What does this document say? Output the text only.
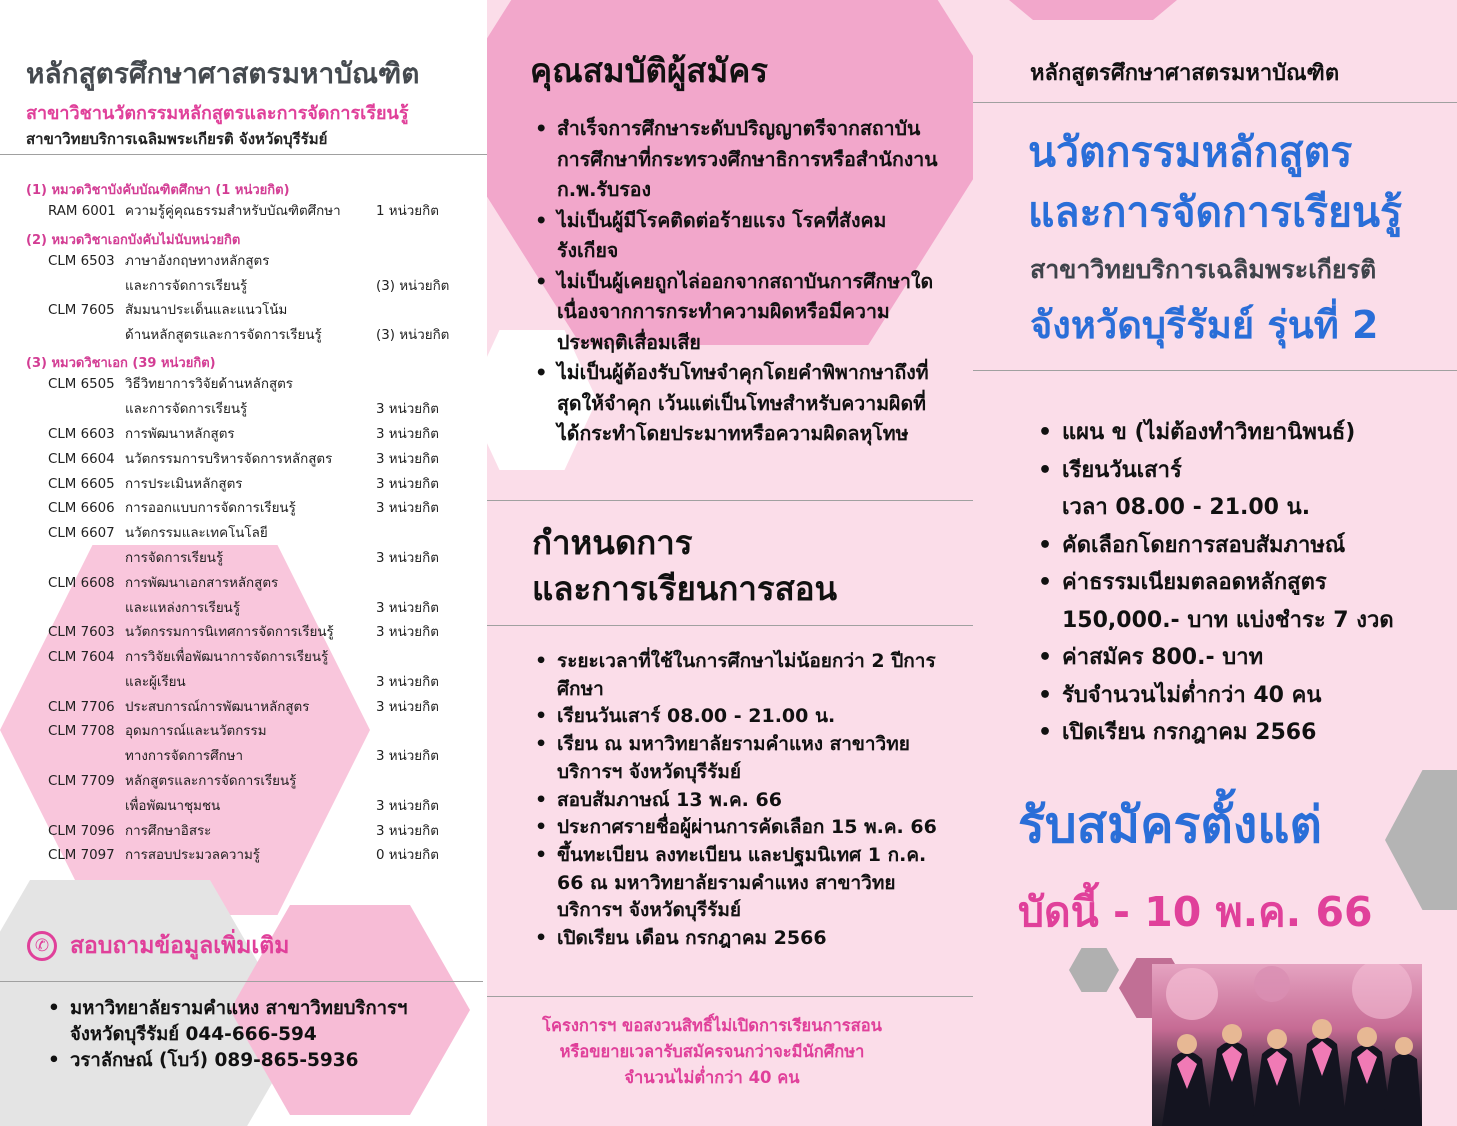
หลักสูตรศึกษาศาสตรมหาบัณฑิต
สาขาวิชานวัตกรรมหลักสูตรและการจัดการเรียนรู้
สาขาวิทยบริการเฉลิมพระเกียรติ จังหวัดบุรีรัมย์
(1) หมวดวิชาบังคับบัณฑิตศึกษา (1 หน่วยกิต)
RAM 6001 ความรู้คู่คุณธรรมสำหรับบัณฑิตศึกษา	1 หน่วยกิต
(2) หมวดวิชาเอกบังคับไม่นับหน่วยกิต
CLM 6503 ภาษาอังกฤษทางหลักสูตร
และการจัดการเรียนรู้	(3) หน่วยกิต
CLM 7605 สัมมนาประเด็นและแนวโน้ม
ด้านหลักสูตรและการจัดการเรียนรู้	(3) หน่วยกิต
(3) หมวดวิชาเอก (39 หน่วยกิต)
CLM 6505 วิธีวิทยาการวิจัยด้านหลักสูตร
และการจัดการเรียนรู้	3 หน่วยกิต
CLM 6603 การพัฒนาหลักสูตร	3 หน่วยกิต
CLM 6604 นวัตกรรมการบริหารจัดการหลักสูตร	3 หน่วยกิต
CLM 6605 การประเมินหลักสูตร	3 หน่วยกิต
CLM 6606 การออกแบบการจัดการเรียนรู้	3 หน่วยกิต
CLM 6607 นวัตกรรมและเทคโนโลยี
การจัดการเรียนรู้	3 หน่วยกิต
CLM 6608 การพัฒนาเอกสารหลักสูตร
และแหล่งการเรียนรู้	3 หน่วยกิต
CLM 7603 นวัตกรรมการนิเทศการจัดการเรียนรู้	3 หน่วยกิต
CLM 7604 การวิจัยเพื่อพัฒนาการจัดการเรียนรู้
และผู้เรียน	3 หน่วยกิต
CLM 7706 ประสบการณ์การพัฒนาหลักสูตร	3 หน่วยกิต
CLM 7708 อุดมการณ์และนวัตกรรม
ทางการจัดการศึกษา	3 หน่วยกิต
CLM 7709 หลักสูตรและการจัดการเรียนรู้
เพื่อพัฒนาชุมชน	3 หน่วยกิต
CLM 7096 การศึกษาอิสระ	3 หน่วยกิต
CLM 7097 การสอบประมวลความรู้	0 หน่วยกิต
✆ สอบถามข้อมูลเพิ่มเติม
• มหาวิทยาลัยรามคำแหง สาขาวิทยบริการฯ จังหวัดบุรีรัมย์ 044-666-594
• วราลักษณ์ (โบว์) 089-865-5936
คุณสมบัติผู้สมัคร
• สำเร็จการศึกษาระดับปริญญาตรีจากสถาบันการศึกษาที่กระทรวงศึกษาธิการหรือสำนักงาน ก.พ.รับรอง
• ไม่เป็นผู้มีโรคติดต่อร้ายแรง โรคที่สังคมรังเกียจ
• ไม่เป็นผู้เคยถูกไล่ออกจากสถาบันการศึกษาใดเนื่องจากการกระทำความผิดหรือมีความประพฤติเสื่อมเสีย
• ไม่เป็นผู้ต้องรับโทษจำคุกโดยคำพิพากษาถึงที่สุดให้จำคุก เว้นแต่เป็นโทษสำหรับความผิดที่ได้กระทำโดยประมาทหรือความผิดลหุโทษ
กำหนดการ
และการเรียนการสอน
• ระยะเวลาที่ใช้ในการศึกษาไม่น้อยกว่า 2 ปีการศึกษา
• เรียนวันเสาร์ 08.00 - 21.00 น.
• เรียน ณ มหาวิทยาลัยรามคำแหง สาขาวิทยบริการฯ จังหวัดบุรีรัมย์
• สอบสัมภาษณ์ 13 พ.ค. 66
• ประกาศรายชื่อผู้ผ่านการคัดเลือก 15 พ.ค. 66
• ขึ้นทะเบียน ลงทะเบียน และปฐมนิเทศ 1 ก.ค. 66 ณ มหาวิทยาลัยรามคำแหง สาขาวิทยบริการฯ จังหวัดบุรีรัมย์
• เปิดเรียน เดือน กรกฎาคม 2566
โครงการฯ ขอสงวนสิทธิ์ไม่เปิดการเรียนการสอน
หรือขยายเวลารับสมัครจนกว่าจะมีนักศึกษา
จำนวนไม่ต่ำกว่า 40 คน
หลักสูตรศึกษาศาสตรมหาบัณฑิต
นวัตกรรมหลักสูตร
และการจัดการเรียนรู้
สาขาวิทยบริการเฉลิมพระเกียรติ
จังหวัดบุรีรัมย์ รุ่นที่ 2
• แผน ข (ไม่ต้องทำวิทยานิพนธ์)
• เรียนวันเสาร์
เวลา 08.00 - 21.00 น.
• คัดเลือกโดยการสอบสัมภาษณ์
• ค่าธรรมเนียมตลอดหลักสูตร
150,000.- บาท แบ่งชำระ 7 งวด
• ค่าสมัคร 800.- บาท
• รับจำนวนไม่ต่ำกว่า 40 คน
• เปิดเรียน กรกฎาคม 2566
รับสมัครตั้งแต่
บัดนี้ - 10 พ.ค. 66
